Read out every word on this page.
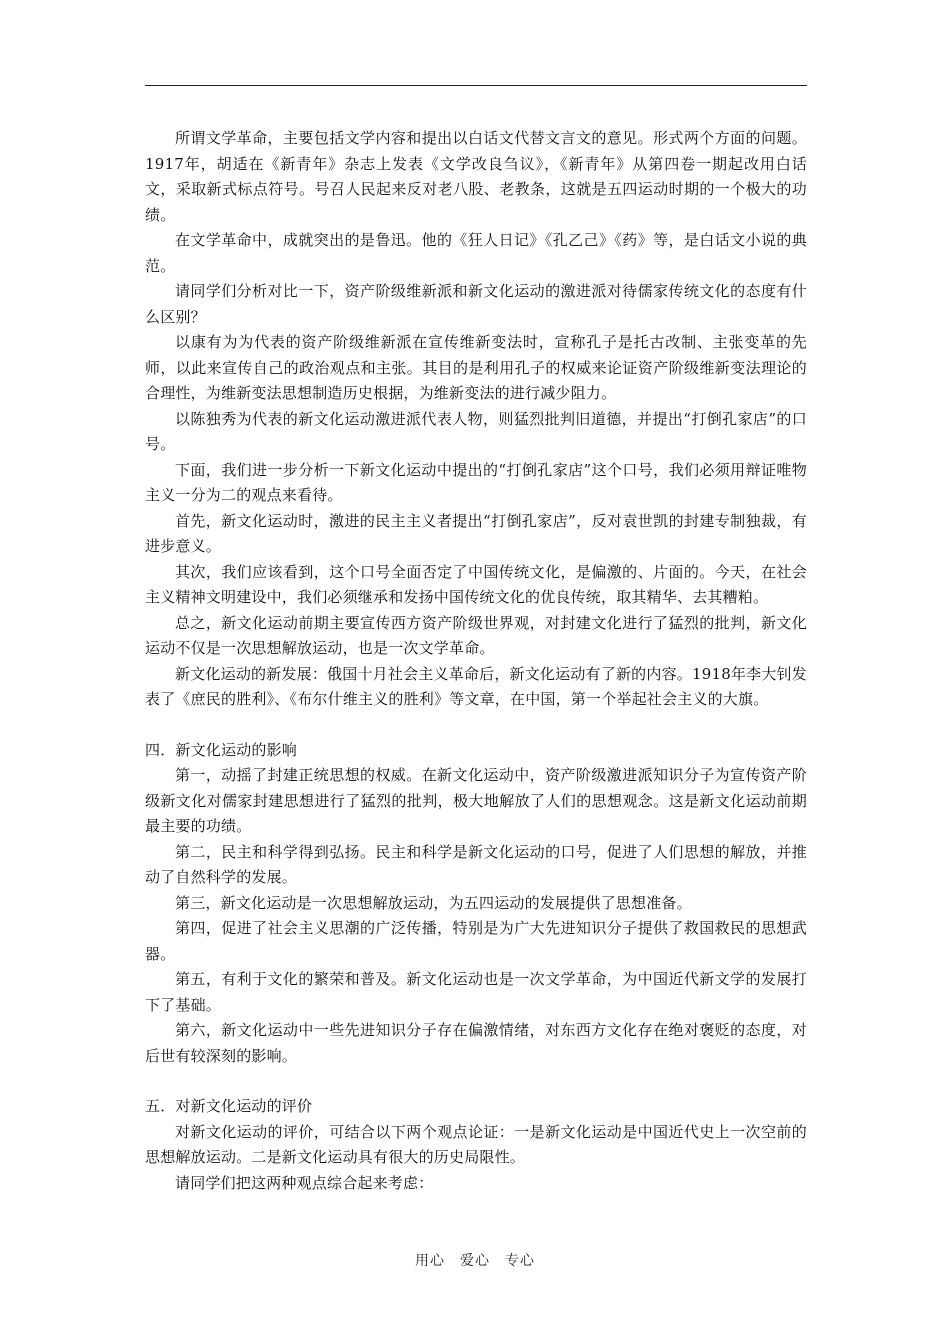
所谓文学革命，主要包括文学内容和提出以白话文代替文言文的意见。形式两个方面的问题。1917年，胡适在《新青年》杂志上发表《文学改良刍议》，《新青年》从第四卷一期起改用白话文，采取新式标点符号。号召人民起来反对老八股、老教条，这就是五四运动时期的一个极大的功绩。

在文学革命中，成就突出的是鲁迅。他的《狂人日记》《孔乙己》《药》等，是白话文小说的典范。

请同学们分析对比一下，资产阶级维新派和新文化运动的激进派对待儒家传统文化的态度有什么区别？

以康有为为代表的资产阶级维新派在宣传维新变法时，宣称孔子是托古改制、主张变革的先师，以此来宣传自己的政治观点和主张。其目的是利用孔子的权威来论证资产阶级维新变法理论的合理性，为维新变法思想制造历史根据，为维新变法的进行减少阻力。

以陈独秀为代表的新文化运动激进派代表人物，则猛烈批判旧道德，并提出“打倒孔家店”的口号。

下面，我们进一步分析一下新文化运动中提出的“打倒孔家店”这个口号，我们必须用辩证唯物主义一分为二的观点来看待。

首先，新文化运动时，激进的民主主义者提出“打倒孔家店”，反对袁世凯的封建专制独裁，有进步意义。

其次，我们应该看到，这个口号全面否定了中国传统文化，是偏激的、片面的。今天，在社会主义精神文明建设中，我们必须继承和发扬中国传统文化的优良传统，取其精华、去其糟粕。

总之，新文化运动前期主要宣传西方资产阶级世界观，对封建文化进行了猛烈的批判，新文化运动不仅是一次思想解放运动，也是一次文学革命。

新文化运动的新发展：俄国十月社会主义革命后，新文化运动有了新的内容。1918年李大钊发表了《庶民的胜利》、《布尔什维主义的胜利》等文章，在中国，第一个举起社会主义的大旗。

四．新文化运动的影响

第一，动摇了封建正统思想的权威。在新文化运动中，资产阶级激进派知识分子为宣传资产阶级新文化对儒家封建思想进行了猛烈的批判，极大地解放了人们的思想观念。这是新文化运动前期最主要的功绩。

第二，民主和科学得到弘扬。民主和科学是新文化运动的口号，促进了人们思想的解放，并推动了自然科学的发展。

第三，新文化运动是一次思想解放运动，为五四运动的发展提供了思想准备。

第四，促进了社会主义思潮的广泛传播，特别是为广大先进知识分子提供了救国救民的思想武器。

第五，有利于文化的繁荣和普及。新文化运动也是一次文学革命，为中国近代新文学的发展打下了基础。

第六，新文化运动中一些先进知识分子存在偏激情绪，对东西方文化存在绝对褒贬的态度，对后世有较深刻的影响。

五．对新文化运动的评价

对新文化运动的评价，可结合以下两个观点论证：一是新文化运动是中国近代史上一次空前的思想解放运动。二是新文化运动具有很大的历史局限性。

请同学们把这两种观点综合起来考虑：

用心　爱心　专心
